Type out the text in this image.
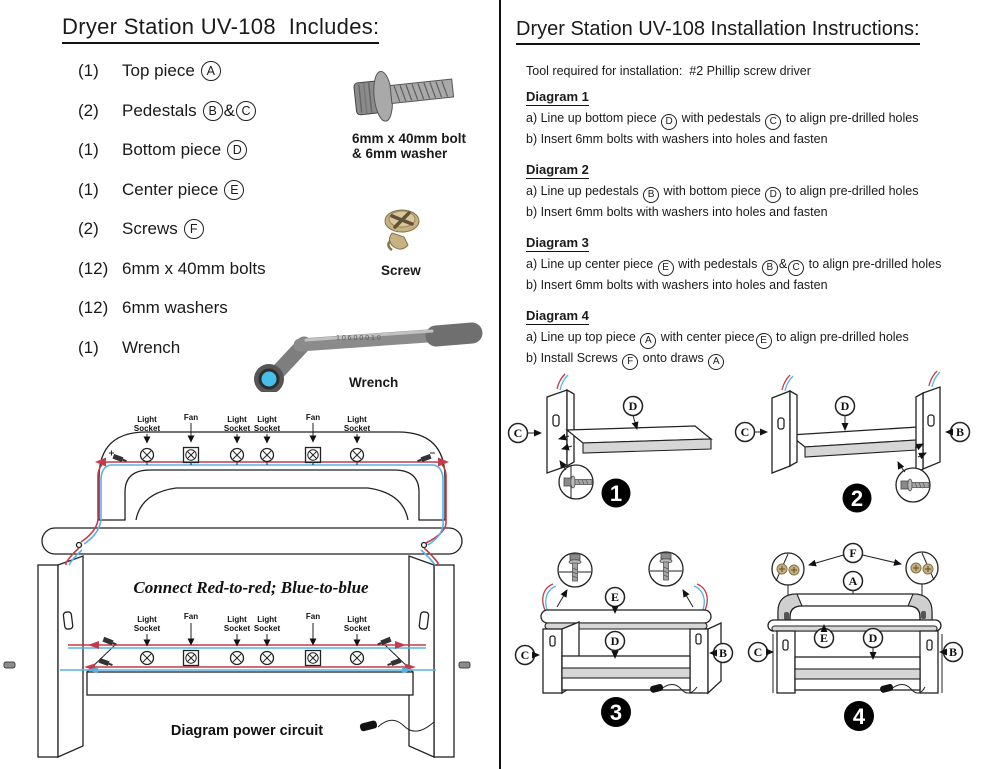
Dryer Station UV-108  Includes:
(1)	Top piece A
(2)	Pedestals B & C
(1)	Bottom piece D
(1)	Center piece E
(2)	Screws F
(12) 6mm x 40mm bolts
(12) 6mm washers
(1)	Wrench
6mm x 40mm bolt
& 6mm washer
Screw
1 0 6 0 0 0 1 0
Wrench
Light
Socket
Fan	Light
Socket
Light
Socket
Fan	Light
Socket
Connect Red-to-red; Blue-to-blue
Light
Socket
Fan	Light
Socket
Light
Socket
Fan	Light
Socket
Diagram power circuit
Dryer Station UV-108 Installation Instructions:

Tool required for installation:  #2 Phillip screw driver

Diagram 1
a) Line up bottom piece D with pedestals C to align pre-drilled holes
b) Insert 6mm bolts with washers into holes and fasten
Diagram 2
a) Line up pedestals B with bottom piece D to align pre-drilled holes
b) Insert 6mm bolts with washers into holes and fasten
Diagram 3
a) Line up center piece E with pedestals B & C to align pre-drilled holes
b) Insert 6mm bolts with washers into holes and fasten
Diagram 4
a) Line up top piece A with center piece E to align pre-drilled holes
b) Install Screws F onto draws A
C
D
1
C
D
B
2
E
D
C	B
3
F
A
E	D
C	B
4
